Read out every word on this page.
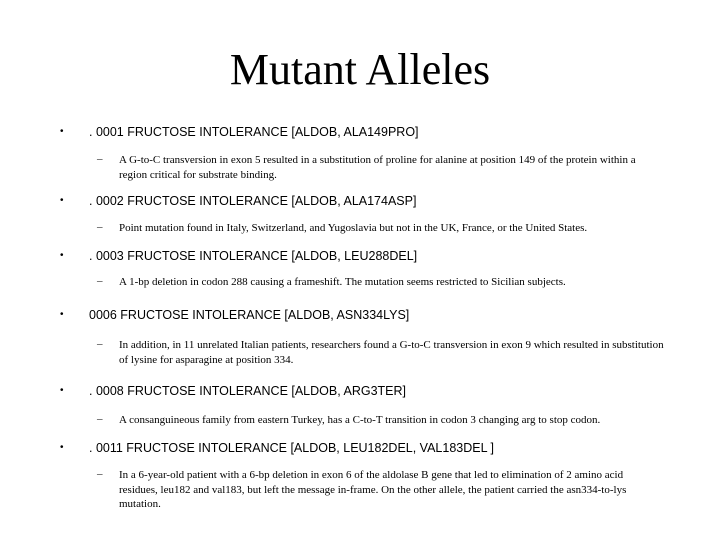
Mutant Alleles
• . 0001 FRUCTOSE INTOLERANCE [ALDOB, ALA149PRO]
– A G-to-C transversion in exon 5 resulted in a substitution of proline for alanine at position 149 of the protein within a region critical for substrate binding.
• . 0002 FRUCTOSE INTOLERANCE [ALDOB, ALA174ASP]
– Point mutation found in Italy, Switzerland, and Yugoslavia but not in the UK, France, or the United States.
• . 0003 FRUCTOSE INTOLERANCE [ALDOB, LEU288DEL]
– A 1-bp deletion in codon 288 causing a frameshift. The mutation seems restricted to Sicilian subjects.
• 0006 FRUCTOSE INTOLERANCE [ALDOB, ASN334LYS]
– In addition, in 11 unrelated Italian patients, researchers found a G-to-C transversion in exon 9 which resulted in substitution of lysine for asparagine at position 334.
• . 0008 FRUCTOSE INTOLERANCE [ALDOB, ARG3TER]
– A consanguineous family from eastern Turkey, has a C-to-T transition in codon 3 changing arg to stop codon.
• . 0011 FRUCTOSE INTOLERANCE [ALDOB, LEU182DEL, VAL183DEL ]
– In a 6-year-old patient with a 6-bp deletion in exon 6 of the aldolase B gene that led to elimination of 2 amino acid residues, leu182 and val183, but left the message in-frame. On the other allele, the patient carried the asn334-to-lys mutation.
